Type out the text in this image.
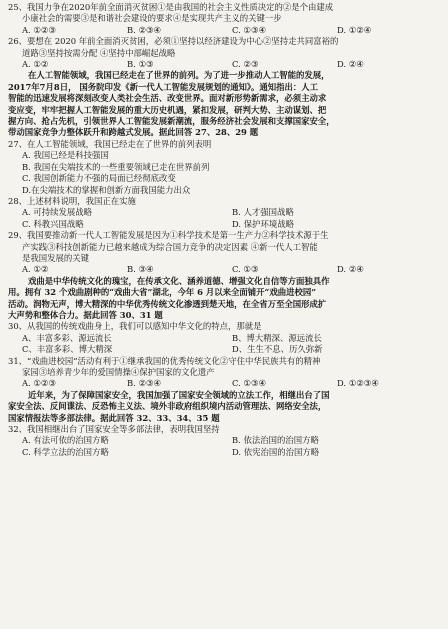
25、我国力争在2020年前全面消灭贫困①是由我国的社会主义性质决定的②是个由建成
小康社会的需要③是和谐社会建设的要求④是实现共产主义的关键一步
A. ①②③	B. ②③④	C. ①③④	D. ①②④
26、要想在 2020 年前全面消灭贫困，必须①坚持以经济建设为中心②坚持走共同富裕的
道路③坚持按需分配 ④坚持中部崛起战略
A. ①②	B. ①③	C. ②③	D. ②④
在人工智能领域，我国已经走在了世界的前列。为了进一步推动人工智能的发展，
2017年7月8日， 国务院印发《新一代人工智能发展规划的通知》。通知指出：人工
智能的迅速发展将深刻改变人类社会生活、改变世界。面对新形势新需求，必须主动求
变应变，牢牢把握人工智能发展的重大历史机遇，紧扣发展，研判大势、主动谋划、把
握方向、抢占先机，引领世界人工智能发展新潮流，服务经济社会发展和支撑国家安全，
带动国家竞争力整体跃升和跨越式发展。据此回答 27、28、29 题
27、在人工智能领域，我国已经走在了世界的前列表明
A. 我国已经是科技强国
B. 我国在尖端技术的一些重要领域已走在世界前列
C. 我国创新能力不强的局面已经彻底改变
D.在尖端技术的掌握和创新方面我国能力出众
28、上述材料说明，我国正在实施
A. 可持续发展战略	B. 人才强国战略
C. 科教兴国战略	D. 保护环境战略
29、我国要推动新一代人工智能发展是因为①科学技术是第一生产力②科学技术源于生
产实践③科技创新能力已越来越成为综合国力竞争的决定因素 ④新一代人工智能
是我国发展的关键
A. ①②	B. ③④	C. ①③	D. ②④
戏曲是中华传统文化的瑰宝，在传承文化、涵养道德、增强文化自信等方面独具作
用。拥有 32 个戏曲剧种的“戏曲大省”湖北，今年 6 月以来全面铺开“戏曲进校园”
活动。润物无声，博大精深的中华优秀传统文化渗透到楚天地，在全省万至全国形成扩
大声势和整体合力。据此回答 30、31 题
30、从我国的传统戏曲身上，我们可以感知中华文化的特点，那就是
A、丰富多彩、源远流长	B、博大精深、源远流长
C、丰富多彩、博大精深	D、生生不息、历久弥新
31、“戏曲进校园”活动有利于①继承我国的优秀传统文化②守住中华民族共有的精神
家园③培养青少年的爱国情操④保护国家的文化遗产
A. ①②③	B. ②③④	C. ①③④	D. ①②③④
近年来，为了保障国家安全，我国加强了国家安全领域的立法工作，相继出台了国
家安全法、反间谍法、反恐怖主义法、境外非政府组织境内活动管理法、网络安全法，
国家情报法等多部法律。据此回答 32、33、34、35 题
32、我国相继出台了国家安全等多部法律，表明我国坚持
A. 有法可依的治国方略	B. 依法治国的治国方略
C. 科学立法的治国方略	D. 依宪治国的治国方略
